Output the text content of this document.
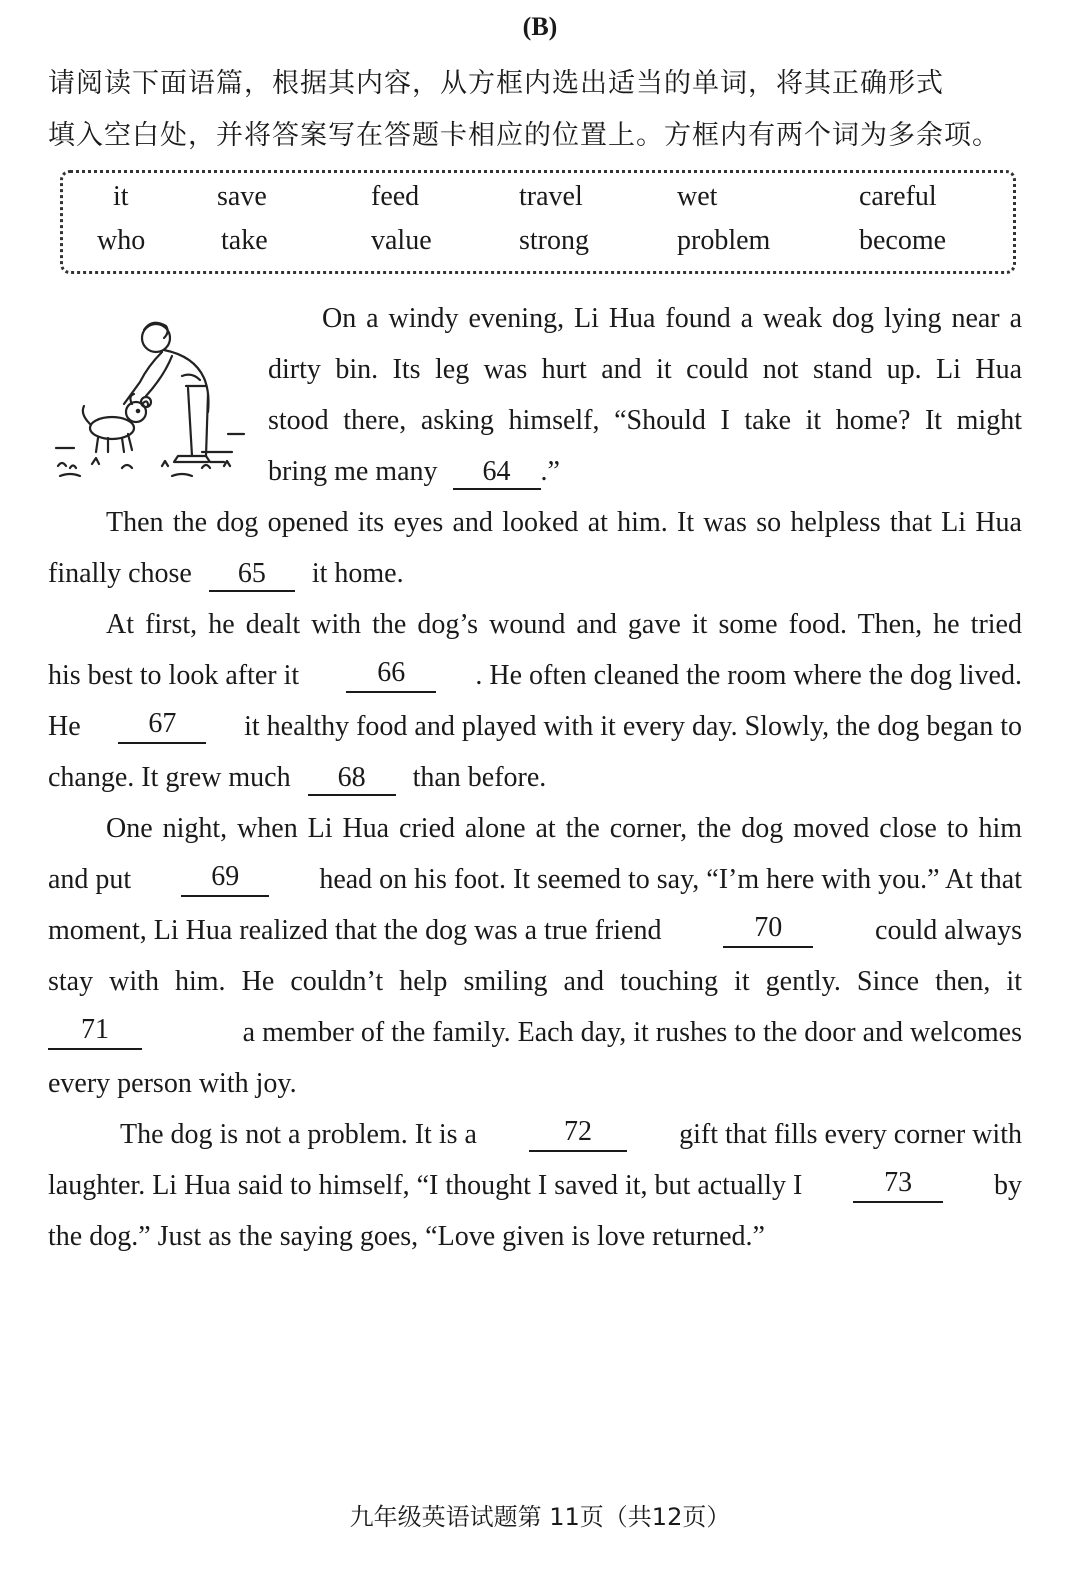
(B)
请阅读下面语篇，根据其内容，从方框内选出适当的单词，将其正确形式
填入空白处，并将答案写在答题卡相应的位置上。方框内有两个词为多余项。
it	save	feed	travel	wet	careful
who	take	value	strong	problem	become
On a windy evening, Li Hua found a weak dog lying near a
dirty bin. Its leg was hurt and it could not stand up. Li Hua
stood there, asking himself, “Should I take it home? It might
bring me many 64 .”
Then the dog opened its eyes and looked at him. It was so helpless that Li Hua
finally chose 65 it home.
At first, he dealt with the dog’s wound and gave it some food. Then, he tried
his best to look after it	66	. He often cleaned the room where the dog lived.
He	67	it healthy food and played with it every day. Slowly, the dog began to
change. It grew much 68 than before.
One night, when Li Hua cried alone at the corner, the dog moved close to him
and put	69	head on his foot. It seemed to say, “I’m here with you.” At that
moment, Li Hua realized that the dog was a true friend	70	could always
stay with him. He couldn’t help smiling and touching it gently. Since then, it
71	a member of the family. Each day, it rushes to the door and welcomes
every person with joy.
The dog is not a problem. It is a	72	gift that fills every corner with
laughter. Li Hua said to himself, “I thought I saved it, but actually I	73	by
the dog.” Just as the saying goes, “Love given is love returned.”
九年级英语试题第 11页（共12页）
